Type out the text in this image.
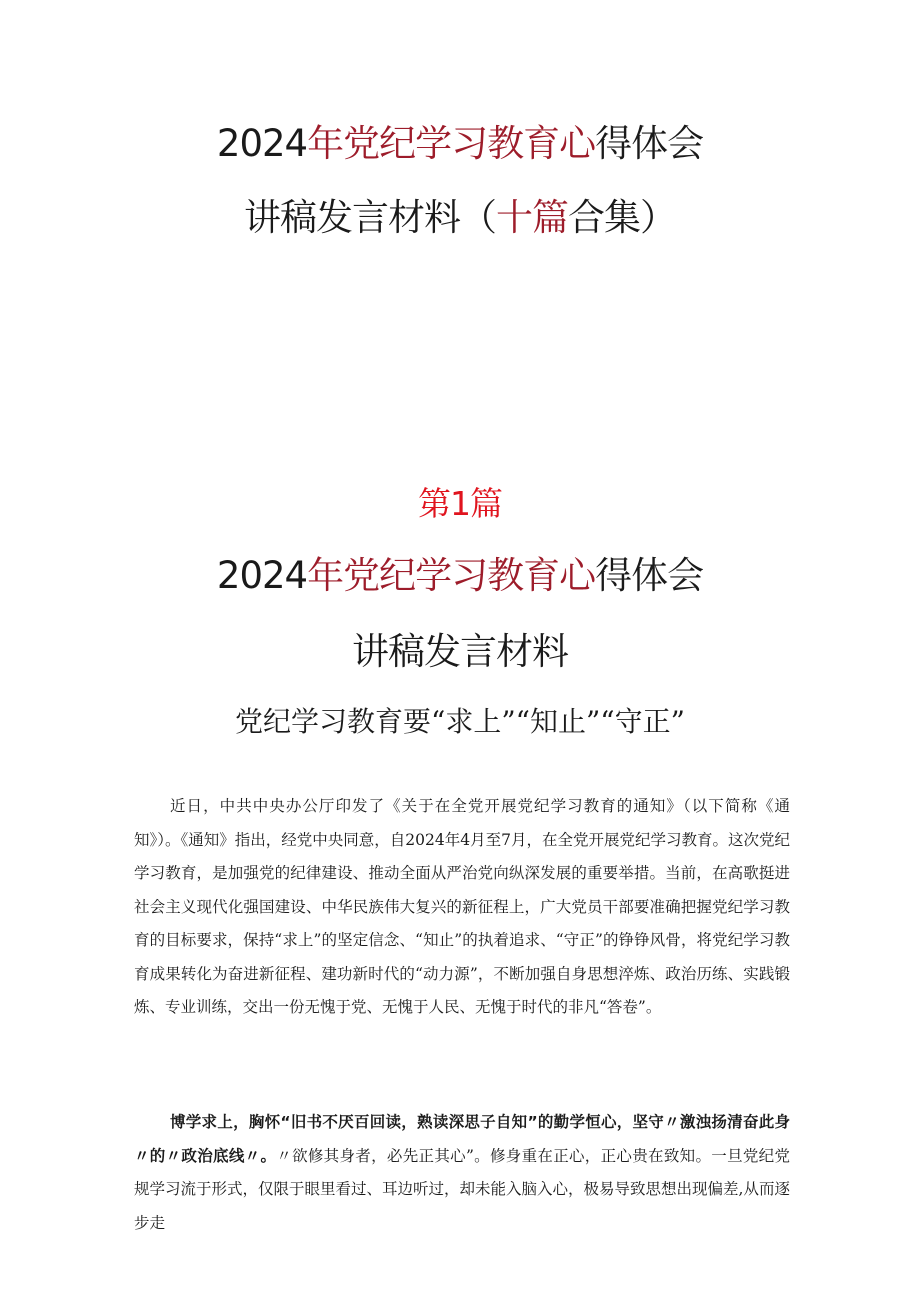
2024年党纪学习教育心得体会
讲稿发言材料（十篇合集）
第1篇
2024年党纪学习教育心得体会
讲稿发言材料
党纪学习教育要“求上”“知止”“守正”
近日，中共中央办公厅印发了《关于在全党开展党纪学习教育的通知》（以下简称《通知》）。《通知》指出，经党中央同意，自2024年4月至7月，在全党开展党纪学习教育。这次党纪学习教育，是加强党的纪律建设、推动全面从严治党向纵深发展的重要举措。当前，在高歌挺进社会主义现代化强国建设、中华民族伟大复兴的新征程上，广大党员干部要准确把握党纪学习教育的目标要求，保持“求上”的坚定信念、“知止”的执着追求、“守正”的铮铮风骨，将党纪学习教育成果转化为奋进新征程、建功新时代的“动力源”，不断加强自身思想淬炼、政治历练、实践锻炼、专业训练，交出一份无愧于党、无愧于人民、无愧于时代的非凡“答卷”。
博学求上，胸怀“旧书不厌百回读，熟读深思子自知”的勤学恒心，坚守〃激浊扬清奋此身〃的〃政治底线〃。〃欲修其身者，必先正其心”。修身重在正心，正心贵在致知。一旦党纪党规学习流于形式，仅限于眼里看过、耳边听过，却未能入脑入心，极易导致思想出现偏差,从而逐步走
